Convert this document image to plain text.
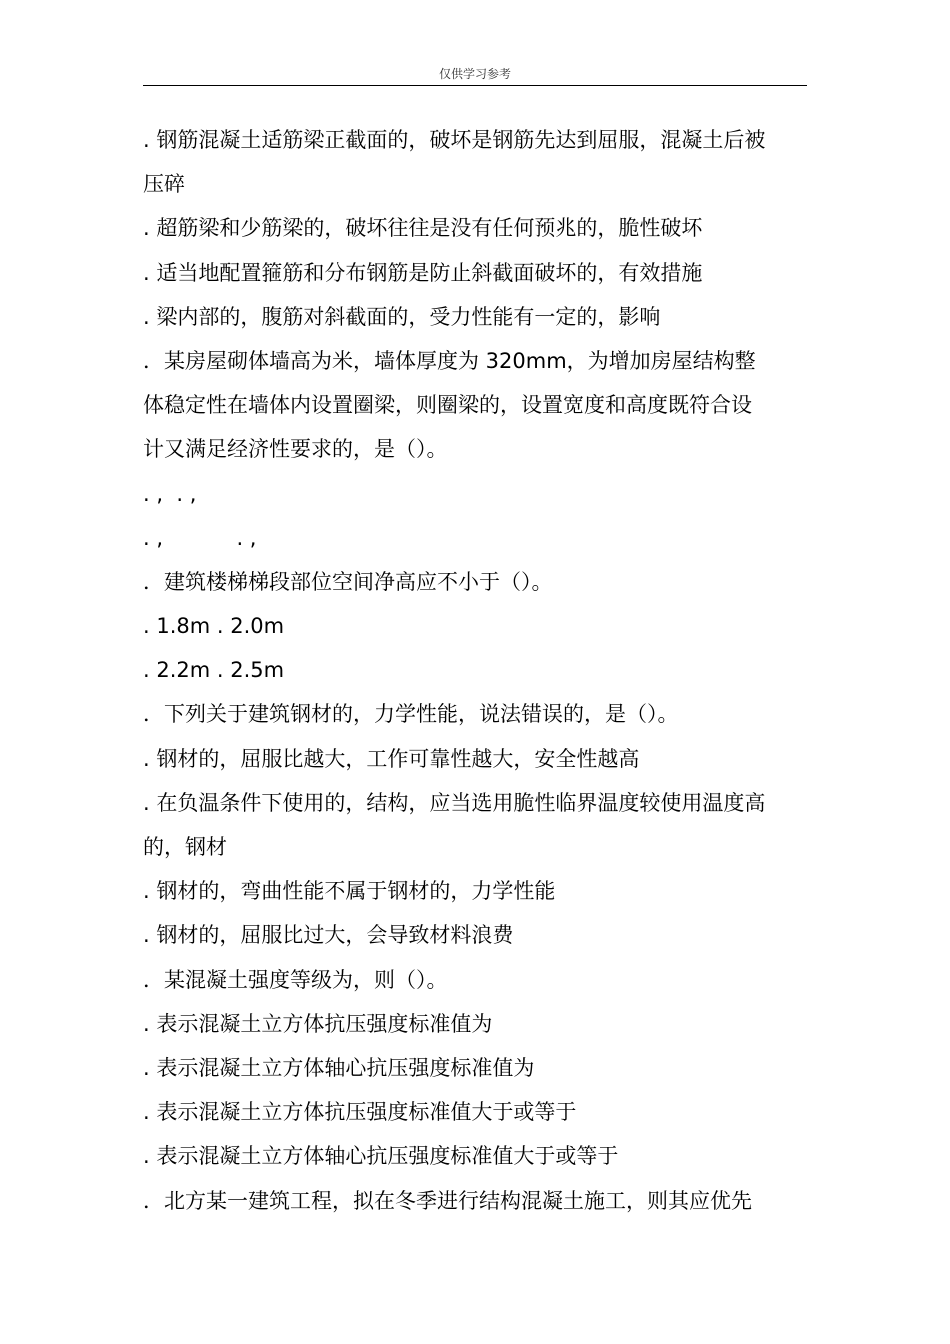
仅供学习参考
. 钢筋混凝土适筋梁正截面的，破坏是钢筋先达到屈服，混凝土后被
压碎
. 超筋梁和少筋梁的，破坏往往是没有任何预兆的，脆性破坏
. 适当地配置箍筋和分布钢筋是防止斜截面破坏的，有效措施
. 梁内部的，腹筋对斜截面的，受力性能有一定的，影响
．某房屋砌体墙高为米，墙体厚度为 320mm，为增加房屋结构整
体稳定性在墙体内设置圈梁，则圈梁的，设置宽度和高度既符合设
计又满足经济性要求的，是（）。
. ,  . ,
. ,           . ,
．建筑楼梯梯段部位空间净高应不小于（）。
. 1.8m . 2.0m
. 2.2m . 2.5m
．下列关于建筑钢材的，力学性能，说法错误的，是（）。
. 钢材的，屈服比越大，工作可靠性越大，安全性越高
. 在负温条件下使用的，结构，应当选用脆性临界温度较使用温度高
的，钢材
. 钢材的，弯曲性能不属于钢材的，力学性能
. 钢材的，屈服比过大，会导致材料浪费
．某混凝土强度等级为，则（）。
. 表示混凝土立方体抗压强度标准值为
. 表示混凝土立方体轴心抗压强度标准值为
. 表示混凝土立方体抗压强度标准值大于或等于
. 表示混凝土立方体轴心抗压强度标准值大于或等于
．北方某一建筑工程，拟在冬季进行结构混凝土施工，则其应优先
